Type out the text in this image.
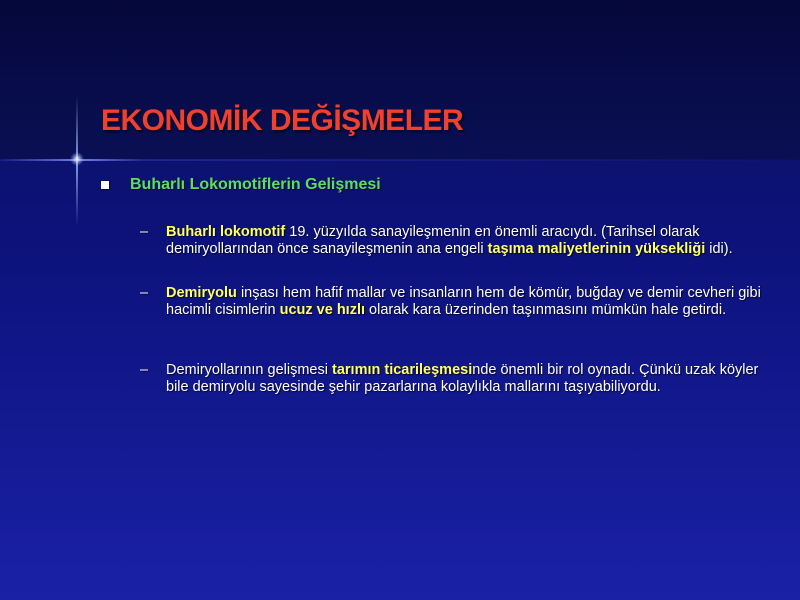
EKONOMİK DEĞİŞMELER
Buharlı Lokomotiflerin Gelişmesi
–	Buharlı lokomotif 19. yüzyılda sanayileşmenin en önemli aracıydı. (Tarihsel olarak demiryollarından önce sanayileşmenin ana engeli taşıma maliyetlerinin yüksekliği idi).
–	Demiryolu inşası hem hafif mallar ve insanların hem de kömür, buğday ve demir cevheri gibi hacimli cisimlerin ucuz ve hızlı olarak kara üzerinden taşınmasını mümkün hale getirdi.
–	Demiryollarının gelişmesi tarımın ticarileşmesinde önemli bir rol oynadı. Çünkü uzak köyler bile demiryolu sayesinde şehir pazarlarına kolaylıkla mallarını taşıyabiliyordu.
